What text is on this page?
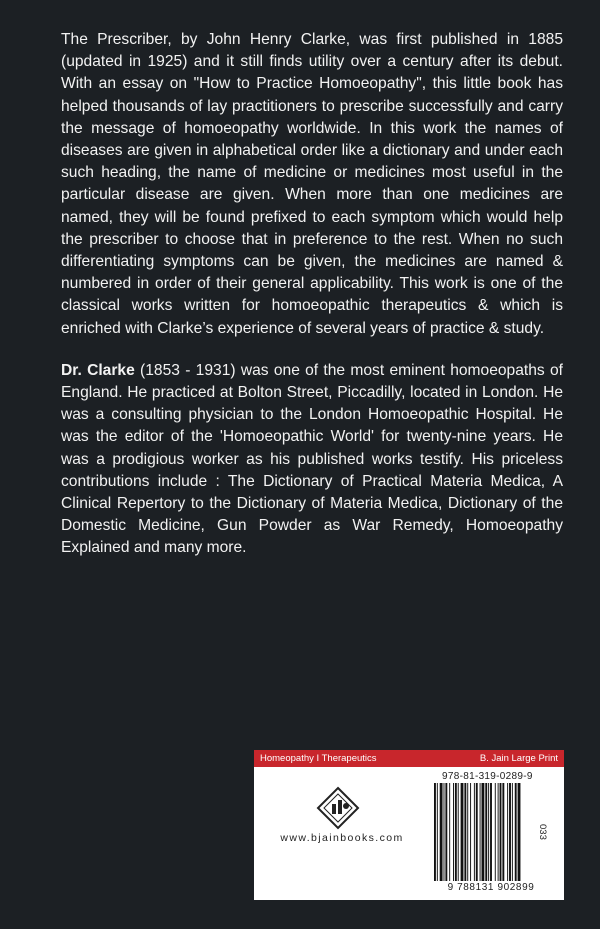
The Prescriber, by John Henry Clarke, was first published in 1885 (updated in 1925) and it still finds utility over a century after its debut. With an essay on "How to Practice Homoeopathy", this little book has helped thousands of lay practitioners to prescribe successfully and carry the message of homoeopathy worldwide. In this work the names of diseases are given in alphabetical order like a dictionary and under each such heading, the name of medicine or medicines most useful in the particular disease are given. When more than one medicines are named, they will be found prefixed to each symptom which would help the prescriber to choose that in preference to the rest. When no such differentiating symptoms can be given, the medicines are named & numbered in order of their general applicability. This work is one of the classical works written for homoeopathic therapeutics & which is enriched with Clarke’s experience of several years of practice & study.

Dr. Clarke (1853 - 1931) was one of the most eminent homoeopaths of England. He practiced at Bolton Street, Piccadilly, located in London. He was a consulting physician to the London Homoeopathic Hospital. He was the editor of the 'Homoeopathic World' for twenty-nine years. He was a prodigious worker as his published works testify. His priceless contributions include : The Dictionary of Practical Materia Medica, A Clinical Repertory to the Dictionary of Materia Medica, Dictionary of the Domestic Medicine, Gun Powder as War Remedy, Homoeopathy Explained and many more.

Homeopathy I Therapeutics	B. Jain Large Print
978-81-319-0289-9
www.bjainbooks.com
9 788131 902899
033
